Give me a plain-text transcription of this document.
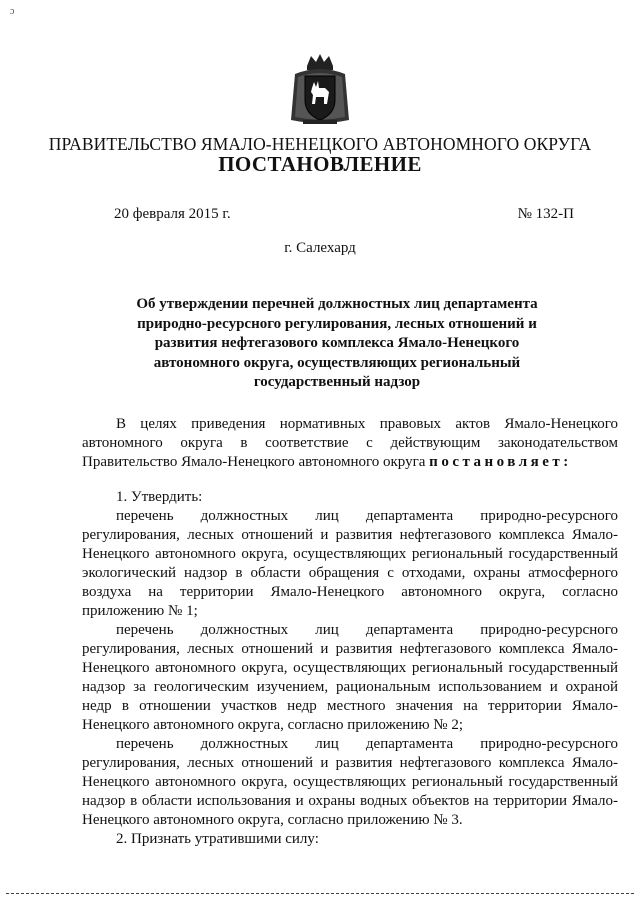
ɔ
ПРАВИТЕЛЬСТВО ЯМАЛО-НЕНЕЦКОГО АВТОНОМНОГО ОКРУГА
ПОСТАНОВЛЕНИЕ
20 февраля 2015 г.	№ 132-П
г. Салехард
Об утверждении перечней должностных лиц департамента природно-ресурсного регулирования, лесных отношений и развития нефтегазового комплекса Ямало-Ненецкого автономного округа, осуществляющих региональный государственный надзор

В целях приведения нормативных правовых актов Ямало-Ненецкого автономного округа в соответствие с действующим законодательством Правительство Ямало-Ненецкого автономного округа постановляет:

1. Утвердить:

перечень должностных лиц департамента природно-ресурсного регулирования, лесных отношений и развития нефтегазового комплекса Ямало-Ненецкого автономного округа, осуществляющих региональный государственный экологический надзор в области обращения с отходами, охраны атмосферного воздуха на территории Ямало-Ненецкого автономного округа, согласно приложению № 1;

перечень должностных лиц департамента природно-ресурсного регулирования, лесных отношений и развития нефтегазового комплекса Ямало-Ненецкого автономного округа, осуществляющих региональный государственный надзор за геологическим изучением, рациональным использованием и охраной недр в отношении участков недр местного значения на территории Ямало-Ненецкого автономного округа, согласно приложению № 2;

перечень должностных лиц департамента природно-ресурсного регулирования, лесных отношений и развития нефтегазового комплекса Ямало-Ненецкого автономного округа, осуществляющих региональный государственный надзор в области использования и охраны водных объектов на территории Ямало-Ненецкого автономного округа, согласно приложению № 3.

2. Признать утратившими силу:
